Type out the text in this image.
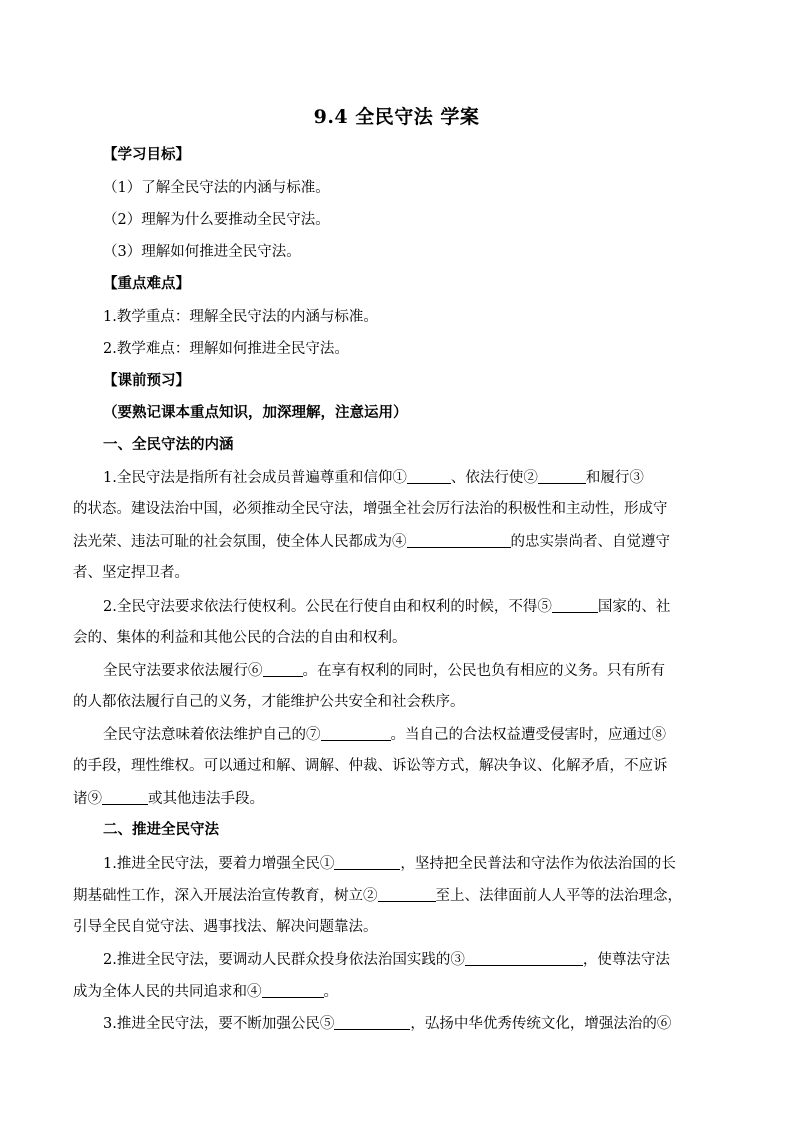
9.4 全民守法 学案
【学习目标】
（1）了解全民守法的内涵与标准。
（2）理解为什么要推动全民守法。
（3）理解如何推进全民守法。
【重点难点】
1.教学重点：理解全民守法的内涵与标准。
2.教学难点：理解如何推进全民守法。
【课前预习】
（要熟记课本重点知识，加深理解，注意运用）
一、全民守法的内涵
1.全民守法是指所有社会成员普遍尊重和信仰①	、依法行使②	和履行③
的状态。建设法治中国，必须推动全民守法，增强全社会厉行法治的积极性和主动性，形成守
法光荣、违法可耻的社会氛围，使全体人民都成为④	的忠实崇尚者、自觉遵守
者、坚定捍卫者。
2.全民守法要求依法行使权利。公民在行使自由和权利的时候，不得⑤	国家的、社
会的、集体的利益和其他公民的合法的自由和权利。
全民守法要求依法履行⑥	。在享有权利的同时，公民也负有相应的义务。只有所有
的人都依法履行自己的义务，才能维护公共安全和社会秩序。
全民守法意味着依法维护自己的⑦	。当自己的合法权益遭受侵害时，应通过⑧
的手段，理性维权。可以通过和解、调解、仲裁、诉讼等方式，解决争议、化解矛盾，不应诉
诸⑨	或其他违法手段。
二、推进全民守法
1.推进全民守法，要着力增强全民①	，坚持把全民普法和守法作为依法治国的长
期基础性工作，深入开展法治宣传教育，树立②	至上、法律面前人人平等的法治理念，
引导全民自觉守法、遇事找法、解决问题靠法。
2.推进全民守法，要调动人民群众投身依法治国实践的③	，使尊法守法
成为全体人民的共同追求和④	。
3.推进全民守法，要不断加强公民⑤	，弘扬中华优秀传统文化，增强法治的⑥
